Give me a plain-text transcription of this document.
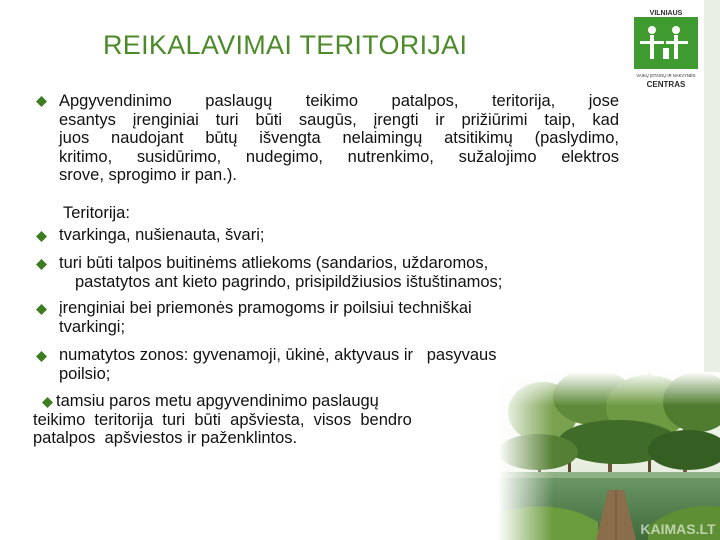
REIKALAVIMAI TERITORIJAI
VILNIAUS
VAIKŲ ĮSTAIGŲ IR NAKVYNĖS
CENTRAS
Apgyvendinimo paslaugų teikimo patalpos, teritorija, jose
esantys įrenginiai turi būti saugūs, įrengti ir prižiūrimi taip, kad
juos naudojant būtų išvengta nelaimingų atsitikimų (paslydimo,
kritimo, susidūrimo, nudegimo, nutrenkimo, sužalojimo elektros
srove, sprogimo ir pan.).
Teritorija:
tvarkinga, nušienauta, švari;
turi būti talpos buitinėms atliekoms (sandarios, uždaromos,
pastatytos ant kieto pagrindo, prisipildžiusios ištuštinamos;
įrenginiai bei priemonės pramogoms ir poilsiui techniškai
tvarkingi;
numatytos zonos: gyvenamoji, ūkinė, aktyvaus ir   pasyvaus
poilsio;
tamsiu paros metu apgyvendinimo paslaugų
teikimo  teritorija  turi  būti  apšviesta,  visos  bendro
patalpos  apšviestos ir paženklintos.
KAIMAS.LT
